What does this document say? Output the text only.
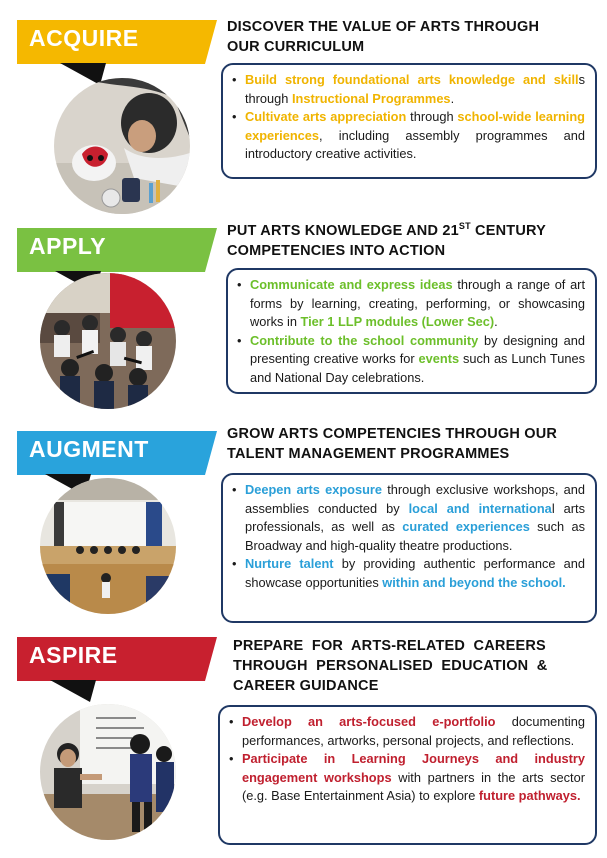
ACQUIRE	DISCOVER THE VALUE OF ARTS THROUGH
OUR CURRICULUM
• Build strong foundational arts knowledge and skills through Instructional Programmes.
• Cultivate arts appreciation through school-wide learning experiences, including assembly programmes and introductory creative activities.
APPLY
PUT ARTS KNOWLEDGE AND 21ST CENTURY
COMPETENCIES INTO ACTION
• Communicate and express ideas through a range of art forms by learning, creating, performing, or showcasing works in Tier 1 LLP modules (Lower Sec).
• Contribute to the school community by designing and presenting creative works for events such as Lunch Tunes and National Day celebrations.
AUGMENT
GROW ARTS COMPETENCIES THROUGH OUR
TALENT MANAGEMENT PROGRAMMES
• Deepen arts exposure through exclusive workshops, and assemblies conducted by local and international arts professionals, as well as curated experiences such as Broadway and high-quality theatre productions.
• Nurture talent by providing authentic performance and showcase opportunities within and beyond the school.
ASPIRE	PREPARE  FOR  ARTS-RELATED  CAREERS
THROUGH  PERSONALISED  EDUCATION  &
CAREER GUIDANCE
• Develop an arts-focused e-portfolio documenting performances, artworks, personal projects, and reflections.
• Participate in Learning Journeys and industry engagement workshops with partners in the arts sector (e.g. Base Entertainment Asia) to explore future pathways.
